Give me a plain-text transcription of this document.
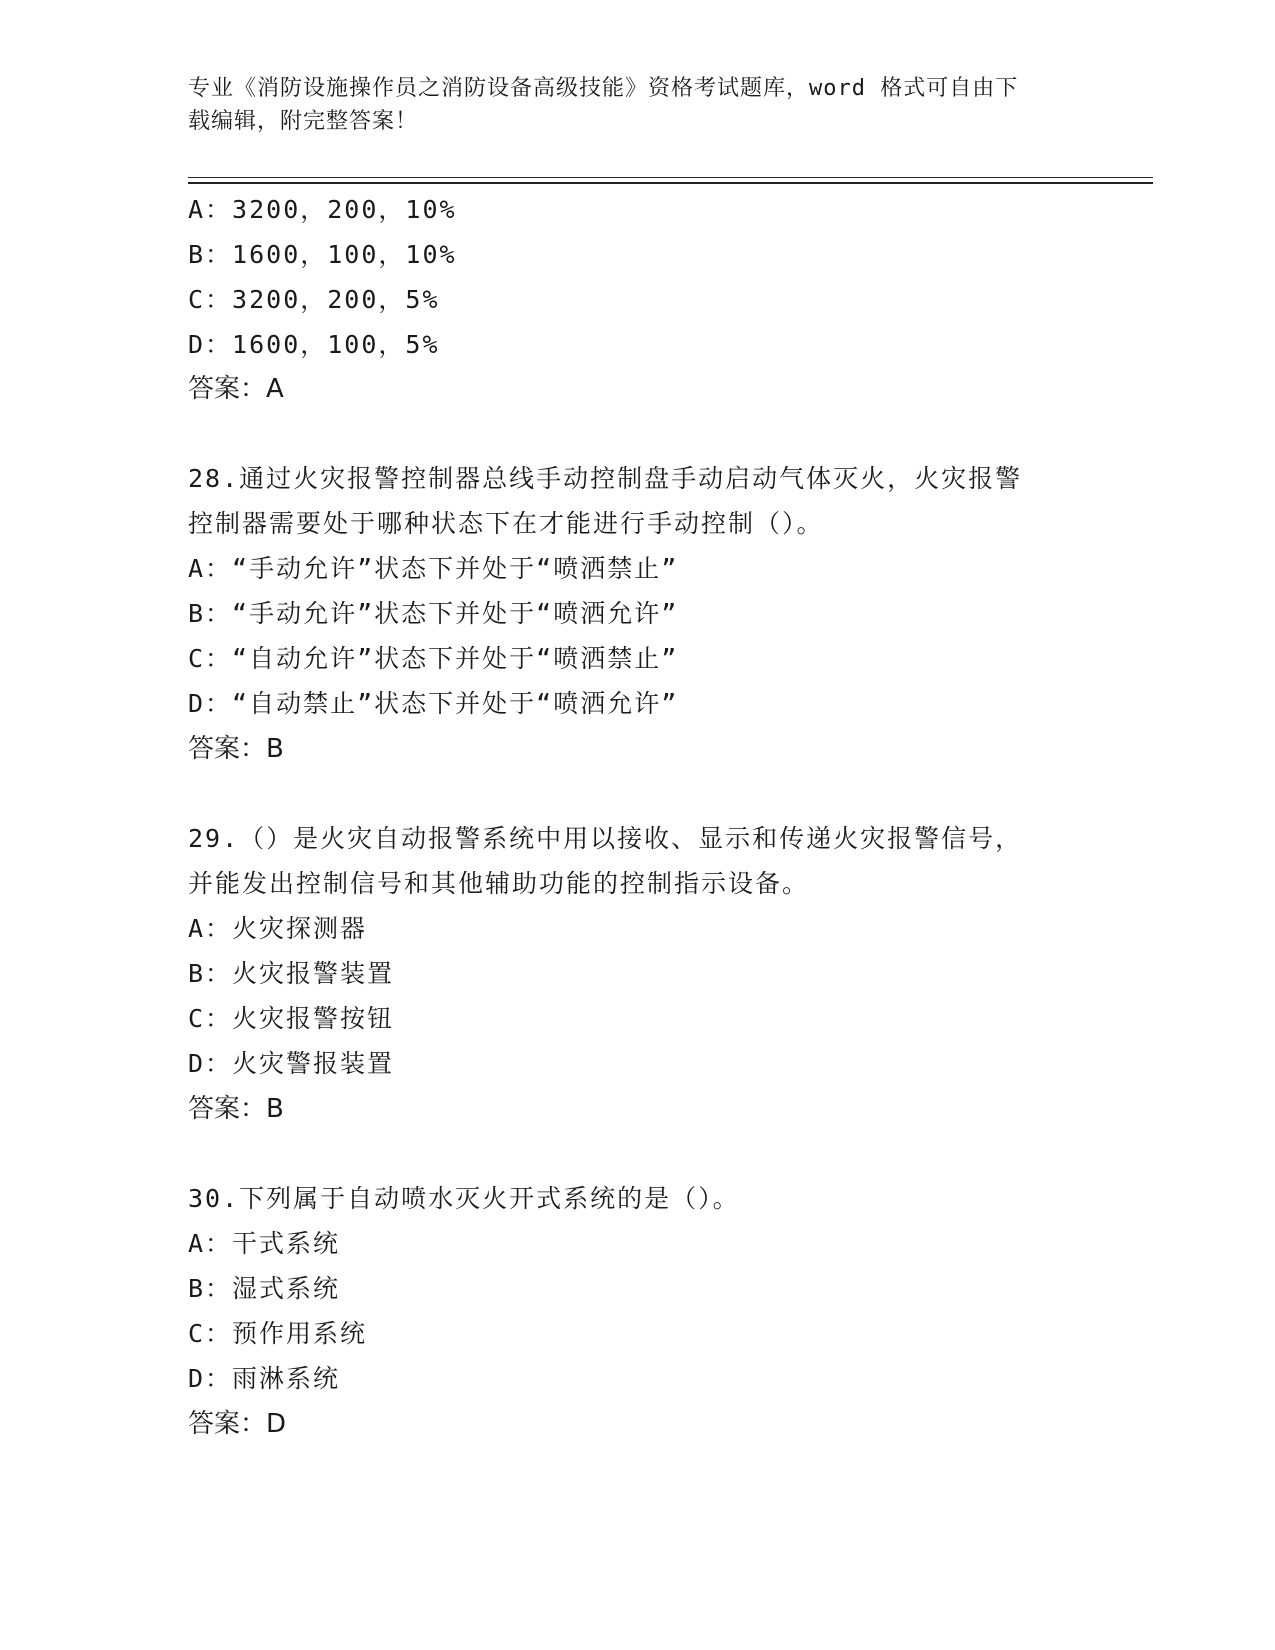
专业《消防设施操作员之消防设备高级技能》资格考试题库，word 格式可自由下
载编辑，附完整答案！
A：3200，200，10%
B：1600，100，10%
C：3200，200，5%
D：1600，100，5%
答案：A
28.通过火灾报警控制器总线手动控制盘手动启动气体灭火，火灾报警
控制器需要处于哪种状态下在才能进行手动控制（）。
A：“手动允许”状态下并处于“喷洒禁止”
B：“手动允许”状态下并处于“喷洒允许”
C：“自动允许”状态下并处于“喷洒禁止”
D：“自动禁止”状态下并处于“喷洒允许”
答案：B
29.（）是火灾自动报警系统中用以接收、显示和传递火灾报警信号，
并能发出控制信号和其他辅助功能的控制指示设备。
A：火灾探测器
B：火灾报警装置
C：火灾报警按钮
D：火灾警报装置
答案：B
30.下列属于自动喷水灭火开式系统的是（）。
A：干式系统
B：湿式系统
C：预作用系统
D：雨淋系统
答案：D
